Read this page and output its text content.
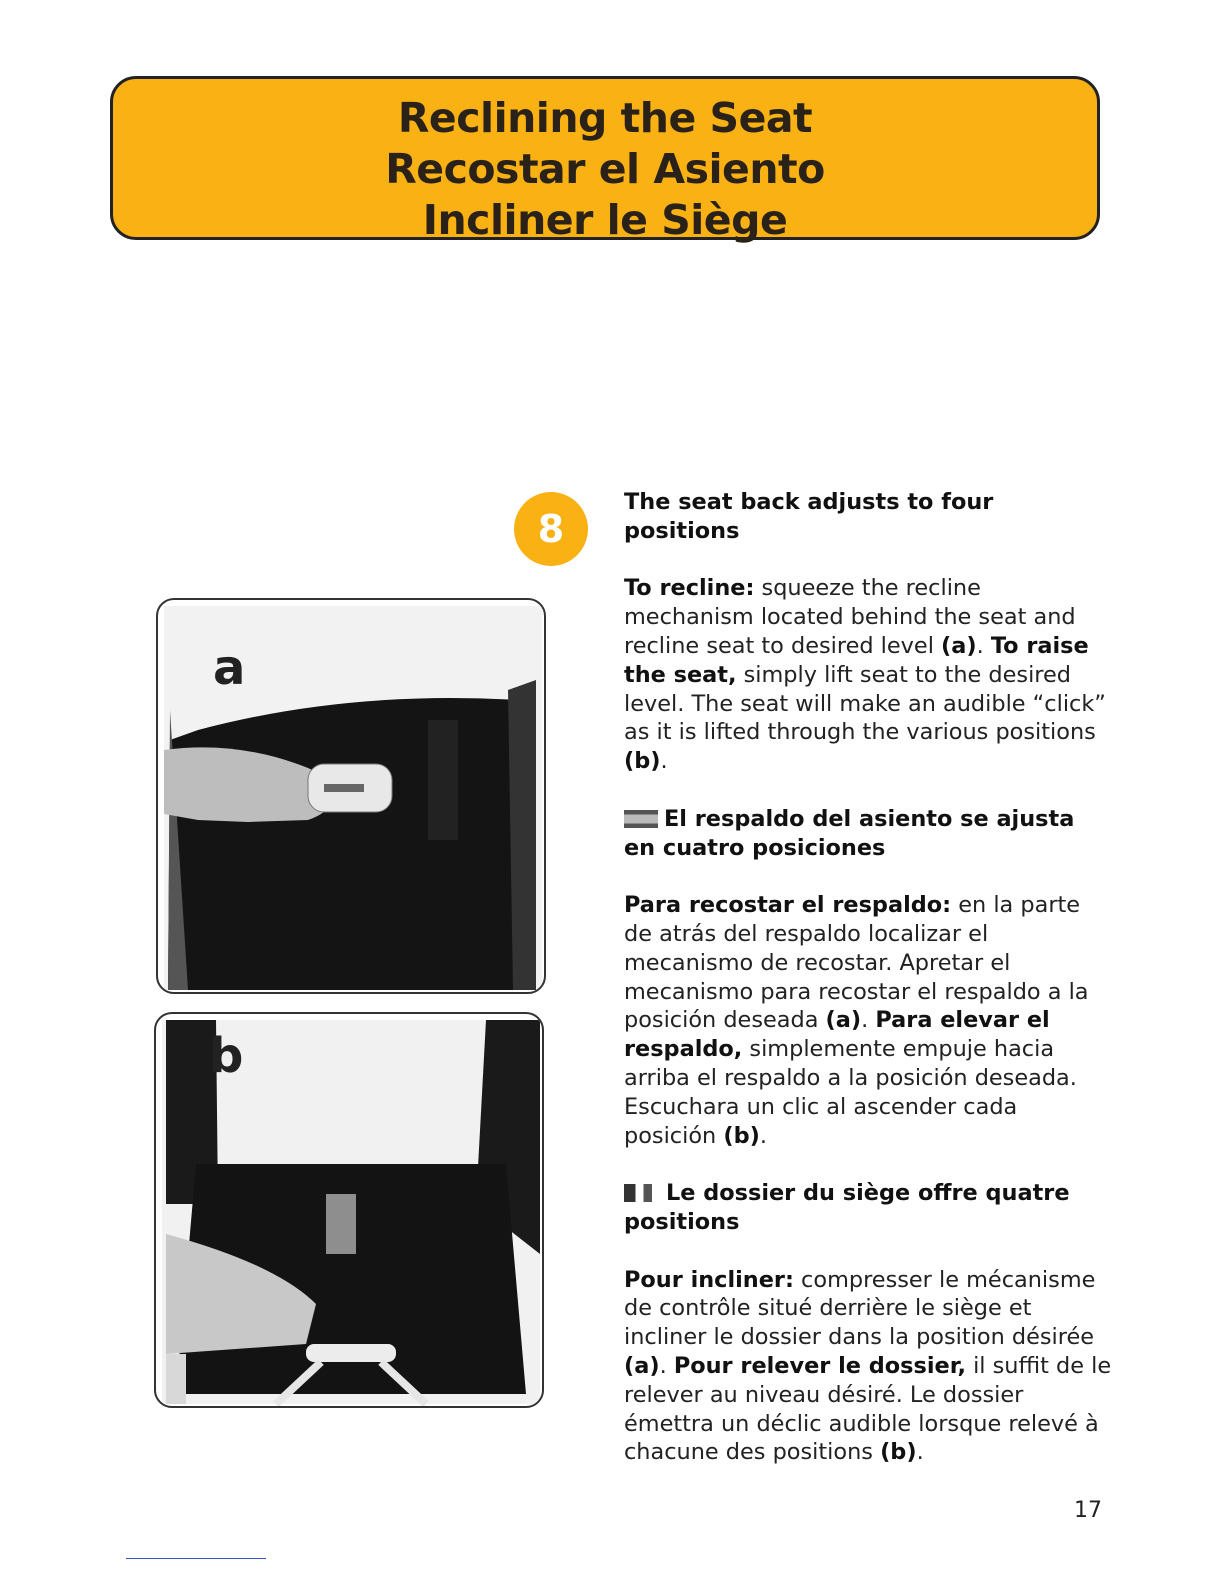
Reclining the Seat
Recostar el Asiento
Incliner le Siège
8
a
b

The seat back adjusts to four positions

To recline: squeeze the recline mechanism located behind the seat and recline seat to desired level (a). To raise the seat, simply lift seat to the desired level. The seat will make an audible “click” as it is lifted through the various positions (b).

El respaldo del asiento se ajusta en cuatro posiciones

Para recostar el respaldo: en la parte de atrás del respaldo localizar el mecanismo de recostar. Apretar el mecanismo para recostar el respaldo a la posición deseada (a). Para elevar el respaldo, simplemente empuje hacia arriba el respaldo a la posición deseada. Escuchara un clic al ascender cada posición (b).

Le dossier du siège offre quatre positions

Pour incliner: compresser le mécanisme de contrôle situé derrière le siège et incliner le dossier dans la position désirée (a). Pour relever le dossier, il suffit de le relever au niveau désiré. Le dossier émettra un déclic audible lorsque relevé à chacune des positions (b).

17
